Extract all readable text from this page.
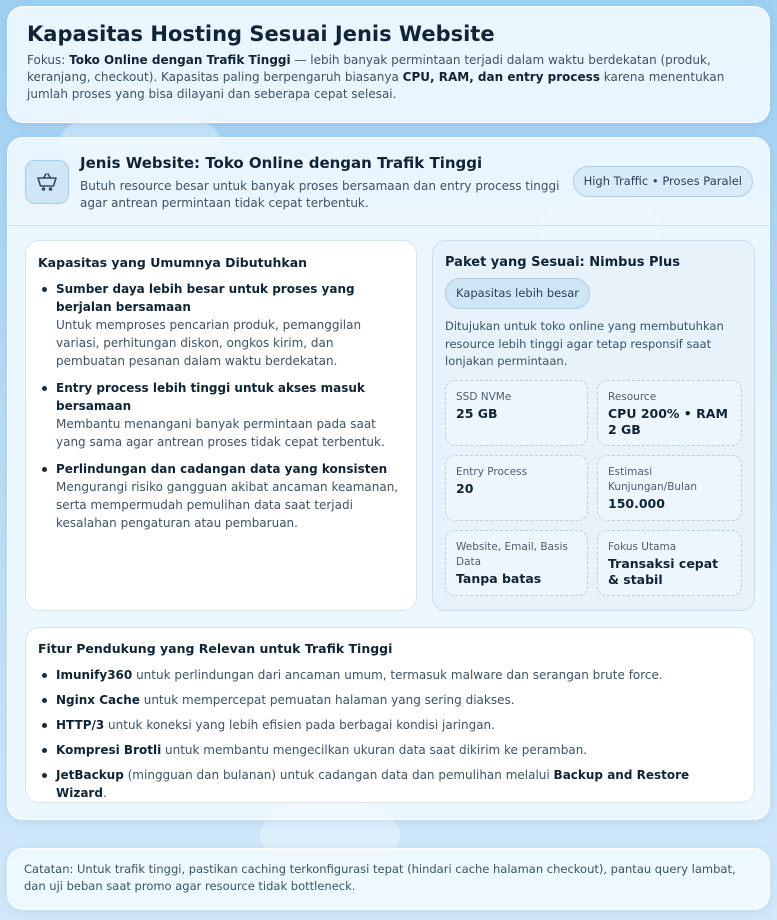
Kapasitas Hosting Sesuai Jenis Website

Fokus: Toko Online dengan Trafik Tinggi — lebih banyak permintaan terjadi dalam waktu berdekatan (produk, keranjang, checkout). Kapasitas paling berpengaruh biasanya CPU, RAM, dan entry process karena menentukan jumlah proses yang bisa dilayani dan seberapa cepat selesai.

Jenis Website: Toko Online dengan Trafik Tinggi

Butuh resource besar untuk banyak proses bersamaan dan entry process tinggi agar antrean permintaan tidak cepat terbentuk.

High Traffic • Proses Paralel
Kapasitas yang Umumnya Dibutuhkan
Sumber daya lebih besar untuk proses yang berjalan bersamaan
Untuk memproses pencarian produk, pemanggilan variasi, perhitungan diskon, ongkos kirim, dan pembuatan pesanan dalam waktu berdekatan.
Entry process lebih tinggi untuk akses masuk bersamaan
Membantu menangani banyak permintaan pada saat yang sama agar antrean proses tidak cepat terbentuk.
Perlindungan dan cadangan data yang konsisten
Mengurangi risiko gangguan akibat ancaman keamanan, serta mempermudah pemulihan data saat terjadi kesalahan pengaturan atau pembaruan.
Paket yang Sesuai: Nimbus Plus
Kapasitas lebih besar

Ditujukan untuk toko online yang membutuhkan resource lebih tinggi agar tetap responsif saat lonjakan permintaan.

SSD NVMe
25 GB
Resource
CPU 200% • RAM 2 GB
Entry Process
20
Estimasi Kunjungan/Bulan
150.000
Website, Email, Basis Data
Tanpa batas
Fokus Utama
Transaksi cepat & stabil
Fitur Pendukung yang Relevan untuk Trafik Tinggi
Imunify360 untuk perlindungan dari ancaman umum, termasuk malware dan serangan brute force.
Nginx Cache untuk mempercepat pemuatan halaman yang sering diakses.
HTTP/3 untuk koneksi yang lebih efisien pada berbagai kondisi jaringan.
Kompresi Brotli untuk membantu mengecilkan ukuran data saat dikirim ke peramban.
JetBackup (mingguan dan bulanan) untuk cadangan data dan pemulihan melalui Backup and Restore Wizard.

Catatan: Untuk trafik tinggi, pastikan caching terkonfigurasi tepat (hindari cache halaman checkout), pantau query lambat, dan uji beban saat promo agar resource tidak bottleneck.
